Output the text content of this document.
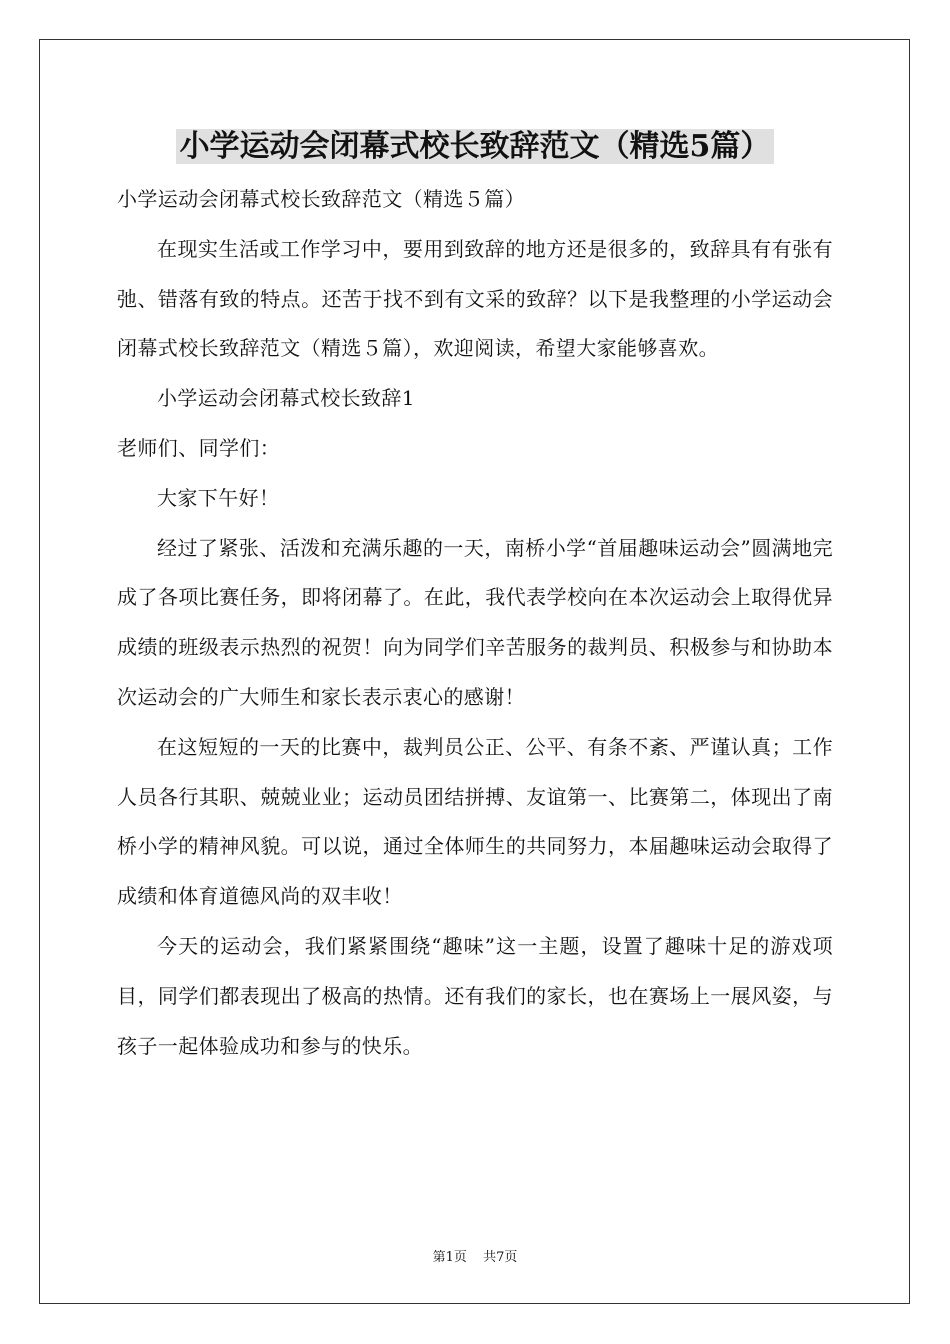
小学运动会闭幕式校长致辞范文（精选5篇）

小学运动会闭幕式校长致辞范文（精选５篇）

在现实生活或工作学习中，要用到致辞的地方还是很多的，致辞具有有张有弛、错落有致的特点。还苦于找不到有文采的致辞？以下是我整理的小学运动会闭幕式校长致辞范文（精选５篇），欢迎阅读，希望大家能够喜欢。

小学运动会闭幕式校长致辞1

老师们、同学们：

大家下午好！

经过了紧张、活泼和充满乐趣的一天，南桥小学“首届趣味运动会”圆满地完成了各项比赛任务，即将闭幕了。在此，我代表学校向在本次运动会上取得优异成绩的班级表示热烈的祝贺！向为同学们辛苦服务的裁判员、积极参与和协助本次运动会的广大师生和家长表示衷心的感谢！

在这短短的一天的比赛中，裁判员公正、公平、有条不紊、严谨认真；工作人员各行其职、兢兢业业；运动员团结拼搏、友谊第一、比赛第二，体现出了南桥小学的精神风貌。可以说，通过全体师生的共同努力，本届趣味运动会取得了成绩和体育道德风尚的双丰收！

今天的运动会，我们紧紧围绕“趣味”这一主题，设置了趣味十足的游戏项目，同学们都表现出了极高的热情。还有我们的家长，也在赛场上一展风姿，与孩子一起体验成功和参与的快乐。

第1页 共7页
